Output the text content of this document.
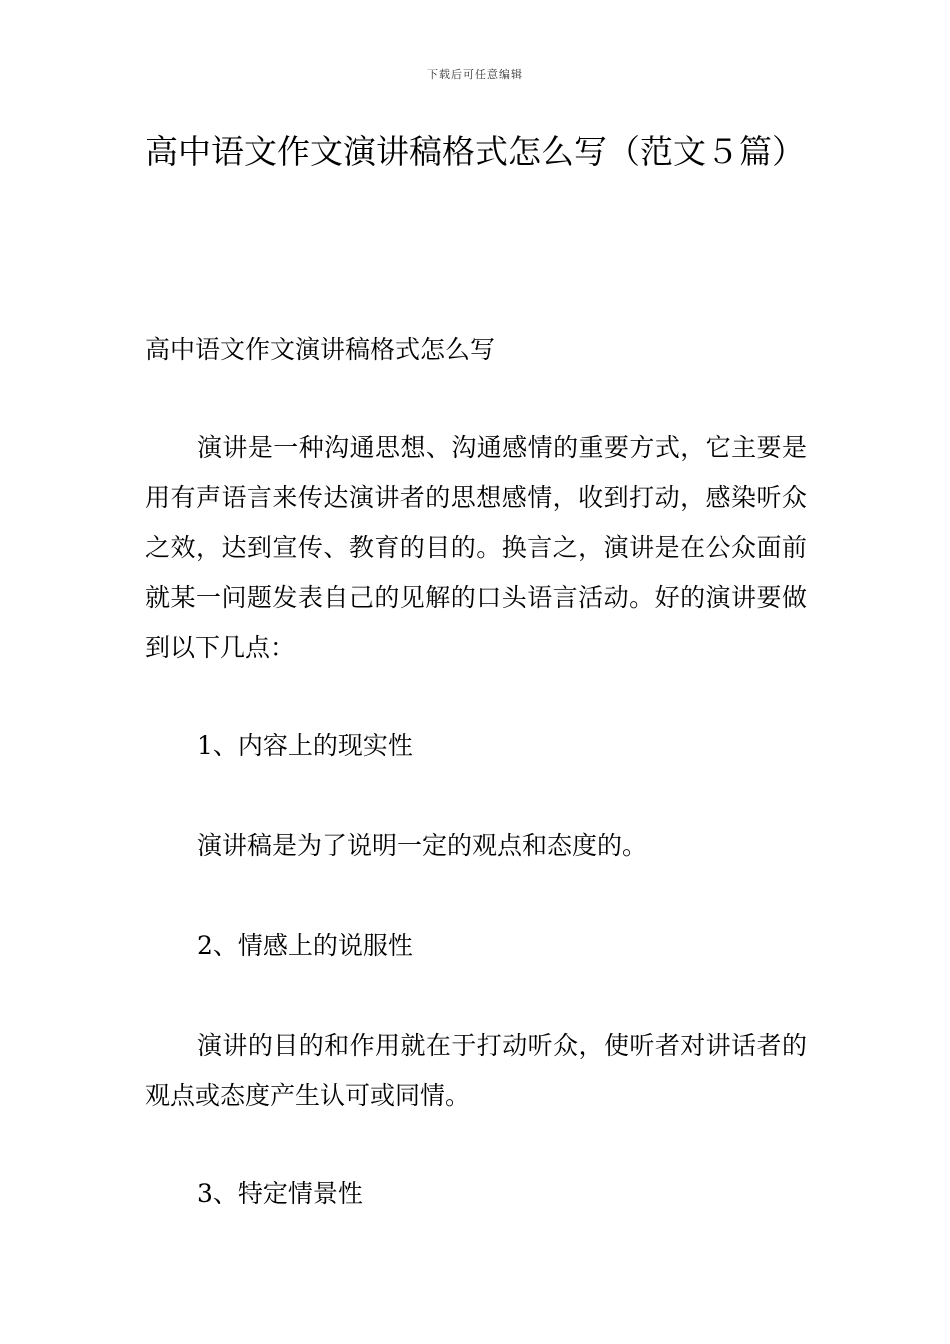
下载后可任意编辑
高中语文作文演讲稿格式怎么写（范文５篇）

高中语文作文演讲稿格式怎么写

演讲是一种沟通思想、沟通感情的重要方式，它主要是用有声语言来传达演讲者的思想感情，收到打动，感染听众之效，达到宣传、教育的目的。换言之，演讲是在公众面前就某一问题发表自己的见解的口头语言活动。好的演讲要做到以下几点：

1、内容上的现实性

演讲稿是为了说明一定的观点和态度的。

2、情感上的说服性

演讲的目的和作用就在于打动听众，使听者对讲话者的观点或态度产生认可或同情。

3、特定情景性
